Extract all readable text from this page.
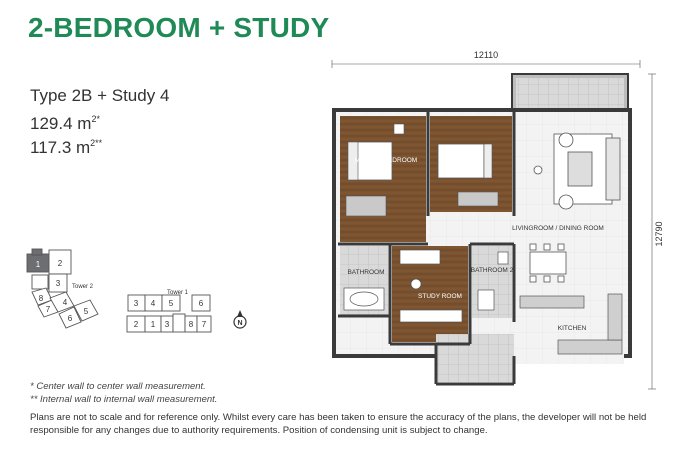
2-BEDROOM + STUDY
Type 2B + Study 4
129.4 $m^{2*}$
117.3 $m^{2**}$
1 2
3
4
5
6
7
8
Tower 2
Tower 1
3 4 5	6
2 1 3 8 7	N
12110
12790
MASTER BEDROOM
BEDROOM 1
LIVINGROOM / DINING ROOM
KITCHEN
BATHROOM
STUDY ROOM
BATHROOM 2
* Center wall to center wall measurement.
** Internal wall to internal wall measurement.
Plans are not to scale and for reference only. Whilst every care has been taken to ensure the accuracy of the plans, the developer will not be held responsible for any changes due to authority requirements. Position of condensing unit is subject to change.
